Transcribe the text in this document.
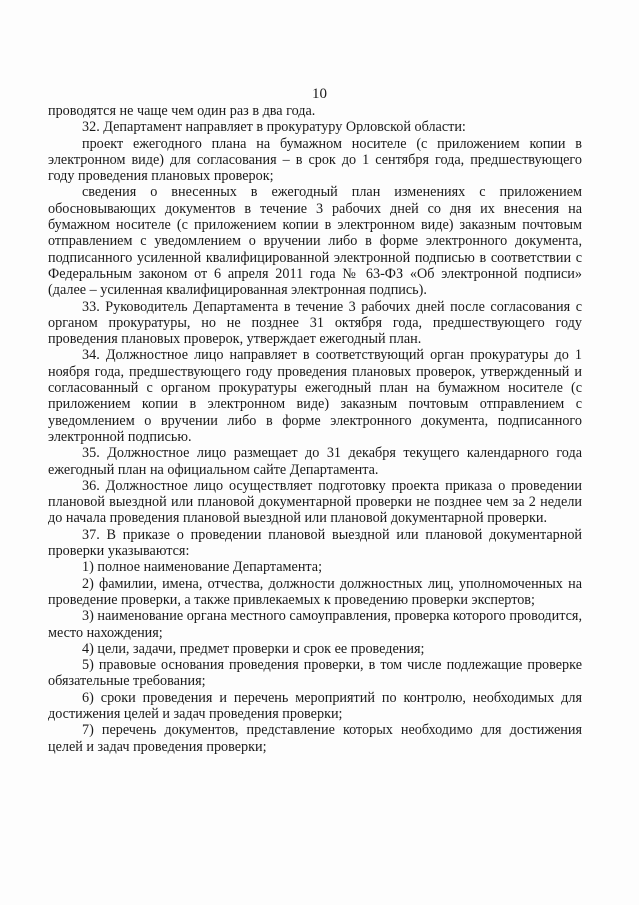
10

проводятся не чаще чем один раз в два года.

32. Департамент направляет в прокуратуру Орловской области:

проект ежегодного плана на бумажном носителе (с приложением копии в электронном виде) для согласования – в срок до 1 сентября года, предшествующего году проведения плановых проверок;

сведения о внесенных в ежегодный план изменениях с приложением обосновывающих документов в течение 3 рабочих дней со дня их внесения на бумажном носителе (с приложением копии в электронном виде) заказным почтовым отправлением с уведомлением о вручении либо в форме электронного документа, подписанного усиленной квалифицированной электронной подписью в соответствии с Федеральным законом от 6 апреля 2011 года № 63-ФЗ «Об электронной подписи» (далее – усиленная квалифицированная электронная подпись).

33. Руководитель Департамента в течение 3 рабочих дней после согласования с органом прокуратуры, но не позднее 31 октября года, предшествующего году проведения плановых проверок, утверждает ежегодный план.

34. Должностное лицо направляет в соответствующий орган прокуратуры до 1 ноября года, предшествующего году проведения плановых проверок, утвержденный и согласованный с органом прокуратуры ежегодный план на бумажном носителе (с приложением копии в электронном виде) заказным почтовым отправлением с уведомлением о вручении либо в форме электронного документа, подписанного электронной подписью.

35. Должностное лицо размещает до 31 декабря текущего календарного года ежегодный план на официальном сайте Департамента.

36. Должностное лицо осуществляет подготовку проекта приказа о проведении плановой выездной или плановой документарной проверки не позднее чем за 2 недели до начала проведения плановой выездной или плановой документарной проверки.

37. В приказе о проведении плановой выездной или плановой документарной проверки указываются:

1) полное наименование Департамента;

2) фамилии, имена, отчества, должности должностных лиц, уполномоченных на проведение проверки, а также привлекаемых к проведению проверки экспертов;

3) наименование органа местного самоуправления, проверка которого проводится, место нахождения;

4) цели, задачи, предмет проверки и срок ее проведения;

5) правовые основания проведения проверки, в том числе подлежащие проверке обязательные требования;

6) сроки проведения и перечень мероприятий по контролю, необходимых для достижения целей и задач проведения проверки;

7) перечень документов, представление которых необходимо для достижения целей и задач проведения проверки;
